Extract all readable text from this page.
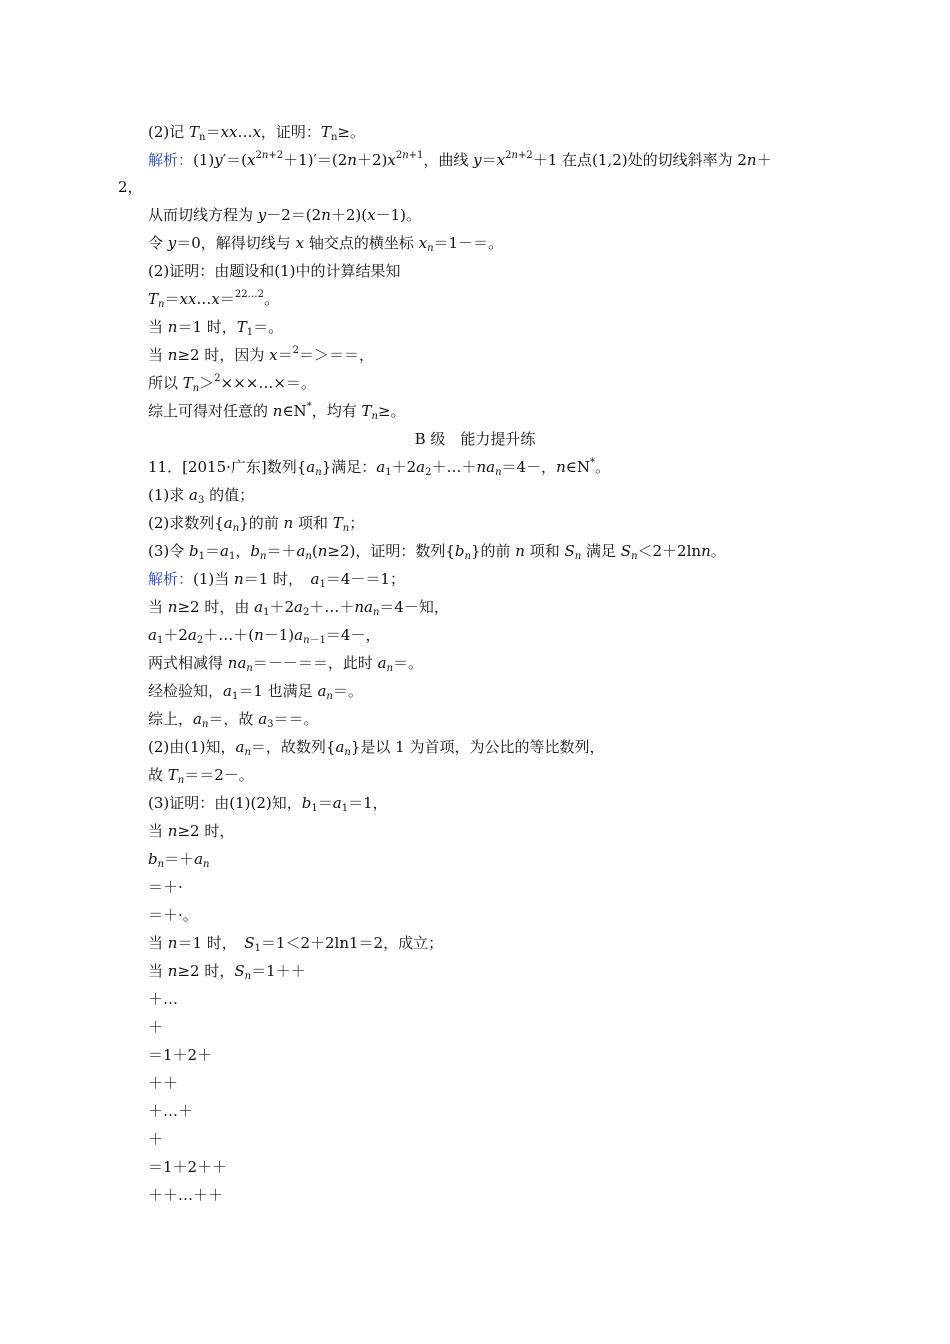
(2)记 $T_n=xx\dots x$，证明：$T_n\ge$。
解析：$(1)y'=(x^{2n+2}+1)'=(2n+2)x^{2n+1}$，曲线 $y=x^{2n+2}+1$ 在点(1,2)处的切线斜率为 2n＋
2，
从而切线方程为 y－2＝(2n＋2)(x－1)。
令 y＝0，解得切线与 x 轴交点的横坐标 $x_n=1-=$。
(2)证明：由题设和(1)中的计算结果知
$T_n=xx\dots x=^{22\dots 2}$。
当 n＝1 时，$T_1=$。
当 n≥2 时，因为 x＝$^2$＝＞＝＝，
所以 $T_n>^2\times\times\times\dots\times=$。
综上可得对任意的 n∈N*，均有 $T_n\ge$。
B 级　能力提升练
11．[2015·广东]数列$\{a_n\}$满足：$a_1+2a_2+\dots+na_n=4-$，n∈N*。
(1)求 $a_3$ 的值；
(2)求数列$\{a_n\}$的前 n 项和 $T_n$；
(3)令 $b_1=a_1$，$b_n=+a_n(n\ge 2)$，证明：数列$\{b_n\}$的前 n 项和 $S_n$ 满足 $S_n<2+2\ln n$。
解析：(1)当 n＝1 时，　$a_1=4-=1$；
当 n≥2 时，由 $a_1+2a_2+\dots+na_n=4-$知，
$a_1+2a_2+\dots+(n-1)a_{n-1}=4-$，
两式相减得 $na_n=--==$，此时 $a_n=$。
经检验知，$a_1=1$ 也满足 $a_n=$。
综上，$a_n=$，故 $a_3==$。
(2)由(1)知，$a_n=$，故数列$\{a_n\}$是以 1 为首项，为公比的等比数列，
故 $T_n==2-$。
(3)证明：由(1)(2)知，$b_1=a_1=1$，
当 n≥2 时，
$b_n=+a_n$
＝＋·
＝＋·。
当 n＝1 时，　$S_1=1<2+2\ln 1=2$，成立；
当 n≥2 时，$S_n=1++$
＋…
＋
＝1＋2＋
＋＋
＋…＋
＋
＝1＋2＋＋
＋＋…＋＋
